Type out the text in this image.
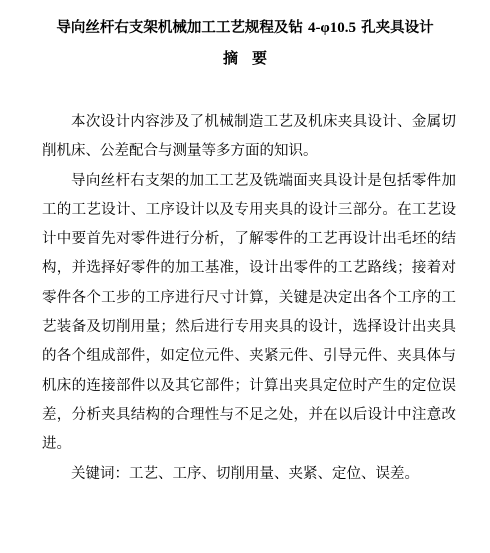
导向丝杆右支架机械加工工艺规程及钻 4-φ10.5 孔夹具设计
摘要

本次设计内容涉及了机械制造工艺及机床夹具设计、金属切削机床、公差配合与测量等多方面的知识。

导向丝杆右支架的加工工艺及铣端面夹具设计是包括零件加工的工艺设计、工序设计以及专用夹具的设计三部分。在工艺设计中要首先对零件进行分析，了解零件的工艺再设计出毛坯的结构，并选择好零件的加工基准，设计出零件的工艺路线；接着对零件各个工步的工序进行尺寸计算，关键是决定出各个工序的工艺装备及切削用量；然后进行专用夹具的设计，选择设计出夹具的各个组成部件，如定位元件、夹紧元件、引导元件、夹具体与机床的连接部件以及其它部件；计算出夹具定位时产生的定位误差，分析夹具结构的合理性与不足之处，并在以后设计中注意改进。

关键词：工艺、工序、切削用量、夹紧、定位、误差。
